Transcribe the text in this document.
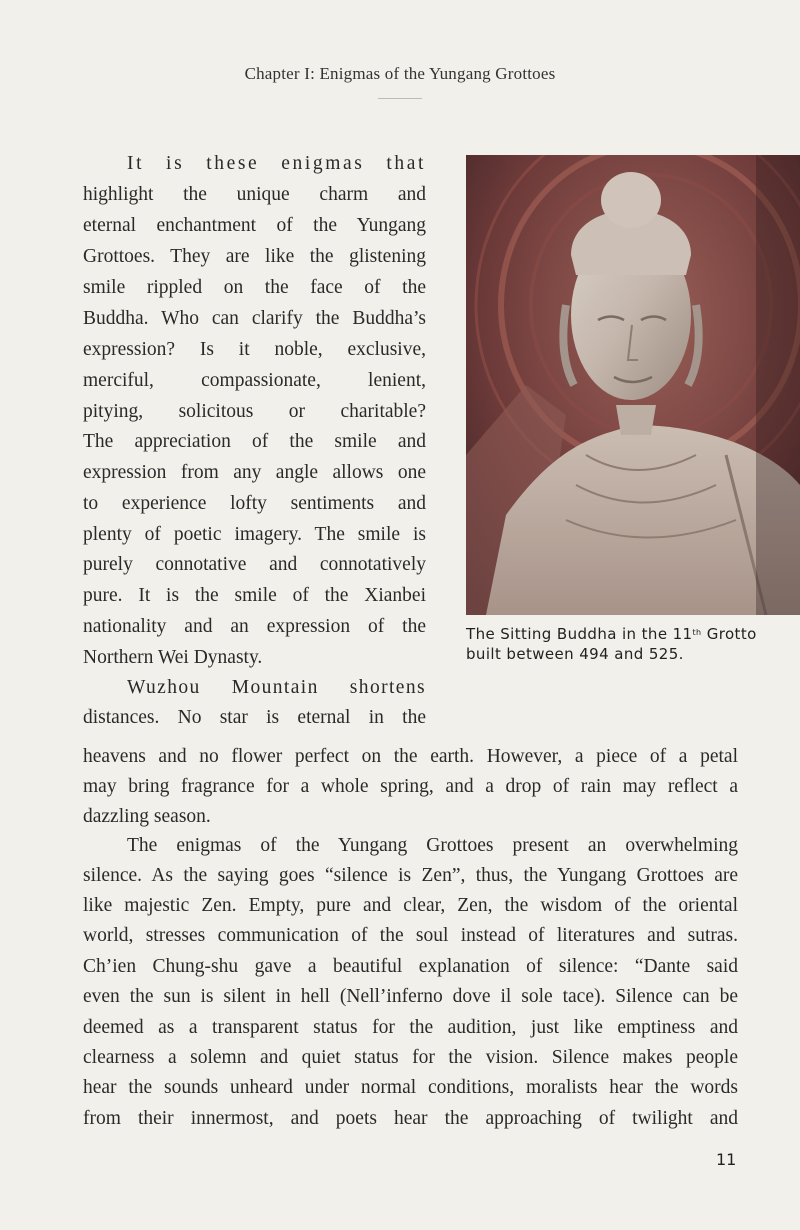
Chapter I: Enigmas of the Yungang Grottoes
It is these enigmas that
highlight the unique charm and
eternal enchantment of the Yungang
Grottoes. They are like the glistening
smile rippled on the face of the
Buddha. Who can clarify the Buddha’s
expression? Is it noble, exclusive,
merciful, compassionate, lenient,
pitying, solicitous or charitable?
The appreciation of the smile and
expression from any angle allows one
to experience lofty sentiments and
plenty of poetic imagery. The smile is
purely connotative and connotatively
pure. It is the smile of the Xianbei
nationality and an expression of the
Northern Wei Dynasty.
Wuzhou Mountain shortens
distances. No star is eternal in the
heavens and no flower perfect on the earth. However, a piece of a petal
may bring fragrance for a whole spring, and a drop of rain may reflect a
dazzling season.
The enigmas of the Yungang Grottoes present an overwhelming
silence. As the saying goes “silence is Zen”, thus, the Yungang Grottoes are
like majestic Zen. Empty, pure and clear, Zen, the wisdom of the oriental
world, stresses communication of the soul instead of literatures and sutras.
Ch’ien Chung-shu gave a beautiful explanation of silence: “Dante said
even the sun is silent in hell (Nell’inferno dove il sole tace). Silence can be
deemed as a transparent status for the audition, just like emptiness and
clearness a solemn and quiet status for the vision. Silence makes people
hear the sounds unheard under normal conditions, moralists hear the words
from their innermost, and poets hear the approaching of twilight and
The Sitting Buddha in the 11th Grotto built between 494 and 525.
11
